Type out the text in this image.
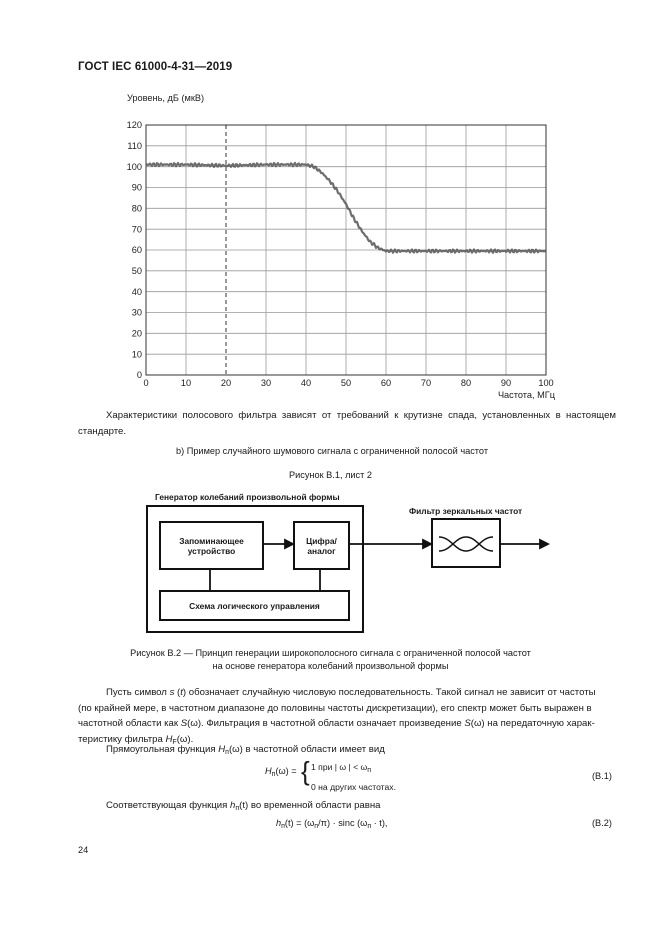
ГОСТ IEC 61000-4-31—2019
Уровень, дБ (мкВ)
Частота, МГц
0	10	20	30	40	50	60	70	80	90	100
0
10
20
30
40
50
60
70
80
90
100
110
120
Характеристики полосового фильтра зависят от требований к крутизне спада, установленных в настоящем стандарте.
b) Пример случайного шумового сигнала с ограниченной полосой частот
Рисунок В.1, лист 2
Генератор колебаний произвольной формы
Запоминающее
устройство
Цифра/
аналог
Схема логического управления
Фильтр зеркальных частот
Рисунок В.2 — Принцип генерации широкополосного сигнала с ограниченной полосой частот
на основе генератора колебаний произвольной формы
Пусть символ s (t) обозначает случайную числовую последовательность. Такой сигнал не зависит от частоты
(по крайней мере, в частотном диапазоне до половины частоты дискретизации), его спектр может быть выражен в
частотной области как S(ω). Фильтрация в частотной области означает произведение S(ω) на передаточную харак-
теристику фильтра $H_F(\omega)$.
Прямоугольная функция $H_п(\omega)$ в частотной области имеет вид
$H_п(\omega)$ = { 1 при | ω | < $\omega_п$
0 на других частотах.
(B.1)
Соответствующая функция $h_п(t)$ во временной области равна
$h_п(t) = (\omega_п/\pi) \cdot \sin c$ $(\omega_п \cdot t)$,	(B.2)
24
